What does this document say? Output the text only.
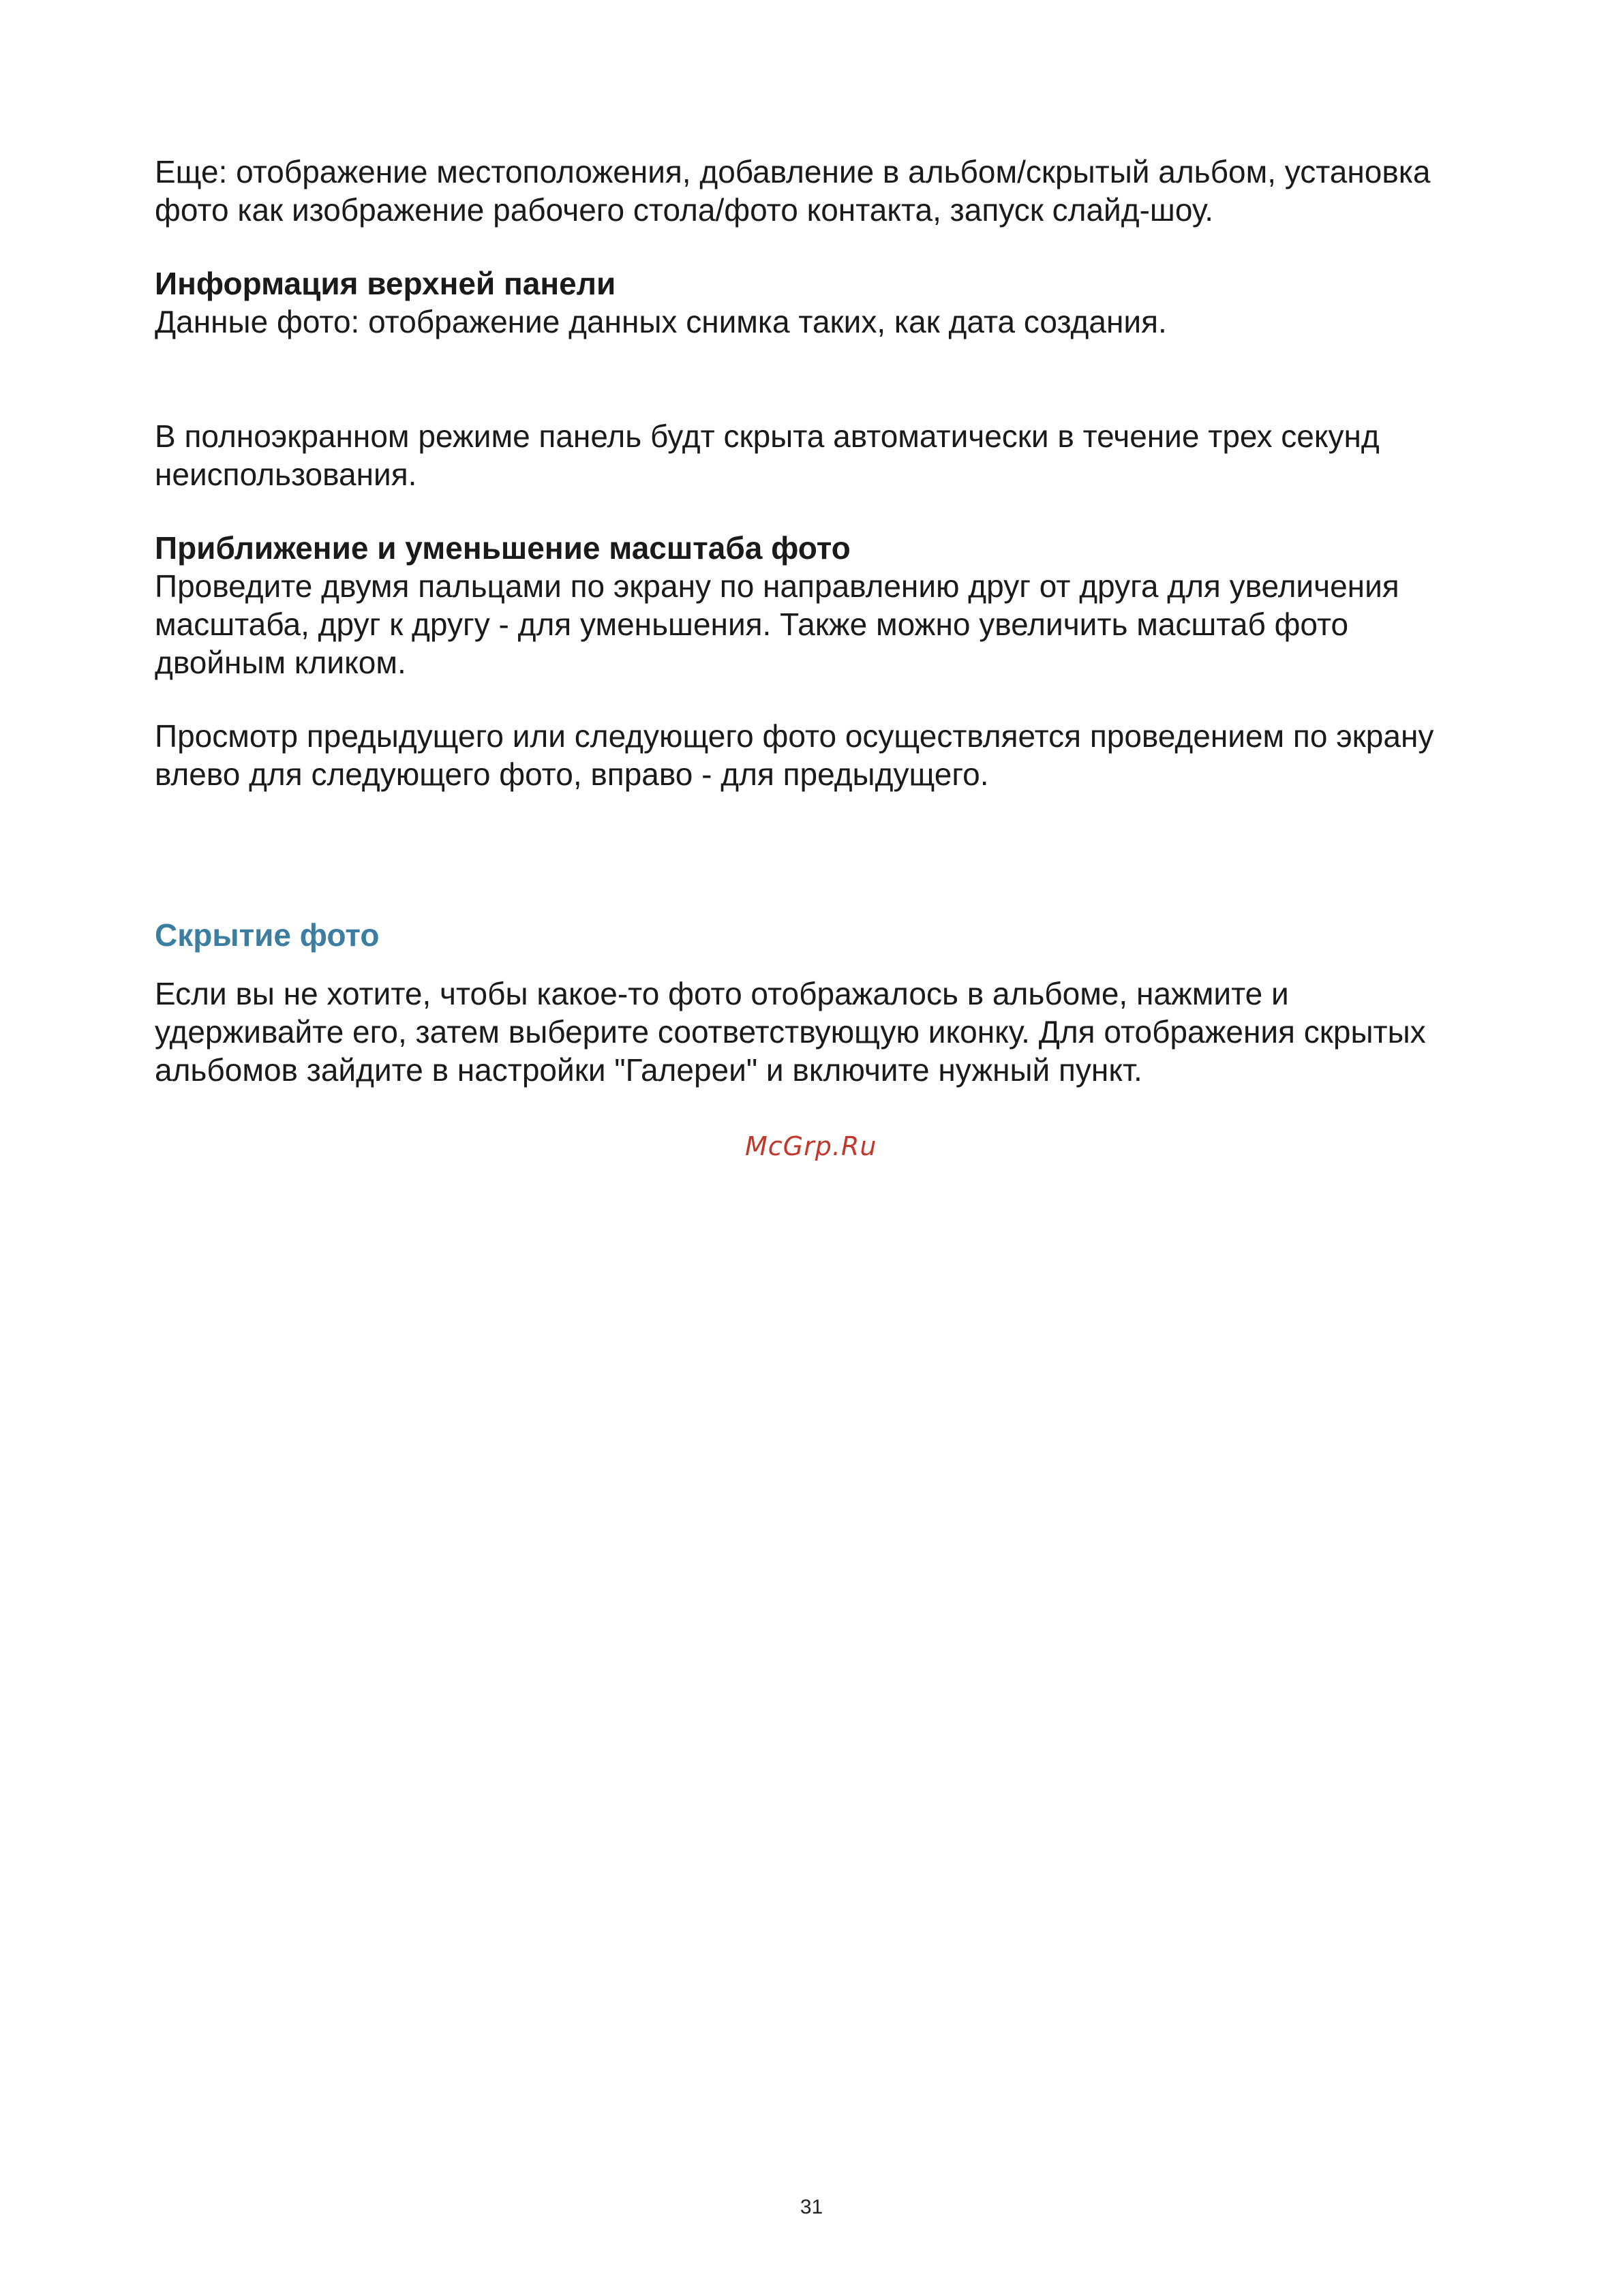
Еще: отображение местоположения, добавление в альбом/скрытый альбом, установка фото как изображение рабочего стола/фото контакта, запуск слайд-шоу.

Информация верхней панели

Данные фото: отображение данных снимка таких, как дата создания.

В полноэкранном режиме панель будт скрыта автоматически в течение трех секунд неиспользования.

Приближение и уменьшение масштаба фото

Проведите двумя пальцами по экрану по направлению друг от друга для увеличения масштаба, друг к другу - для уменьшения. Также можно увеличить масштаб фото двойным кликом.

Просмотр предыдущего или следующего фото осуществляется проведением по экрану влево для следующего фото, вправо - для предыдущего.

Скрытие фото

Если вы не хотите, чтобы какое-то фото отображалось в альбоме, нажмите и удерживайте его, затем выберите соответствующую иконку. Для отображения скрытых альбомов зайдите в настройки "Галереи" и включите нужный пункт.

McGrp.Ru
31
